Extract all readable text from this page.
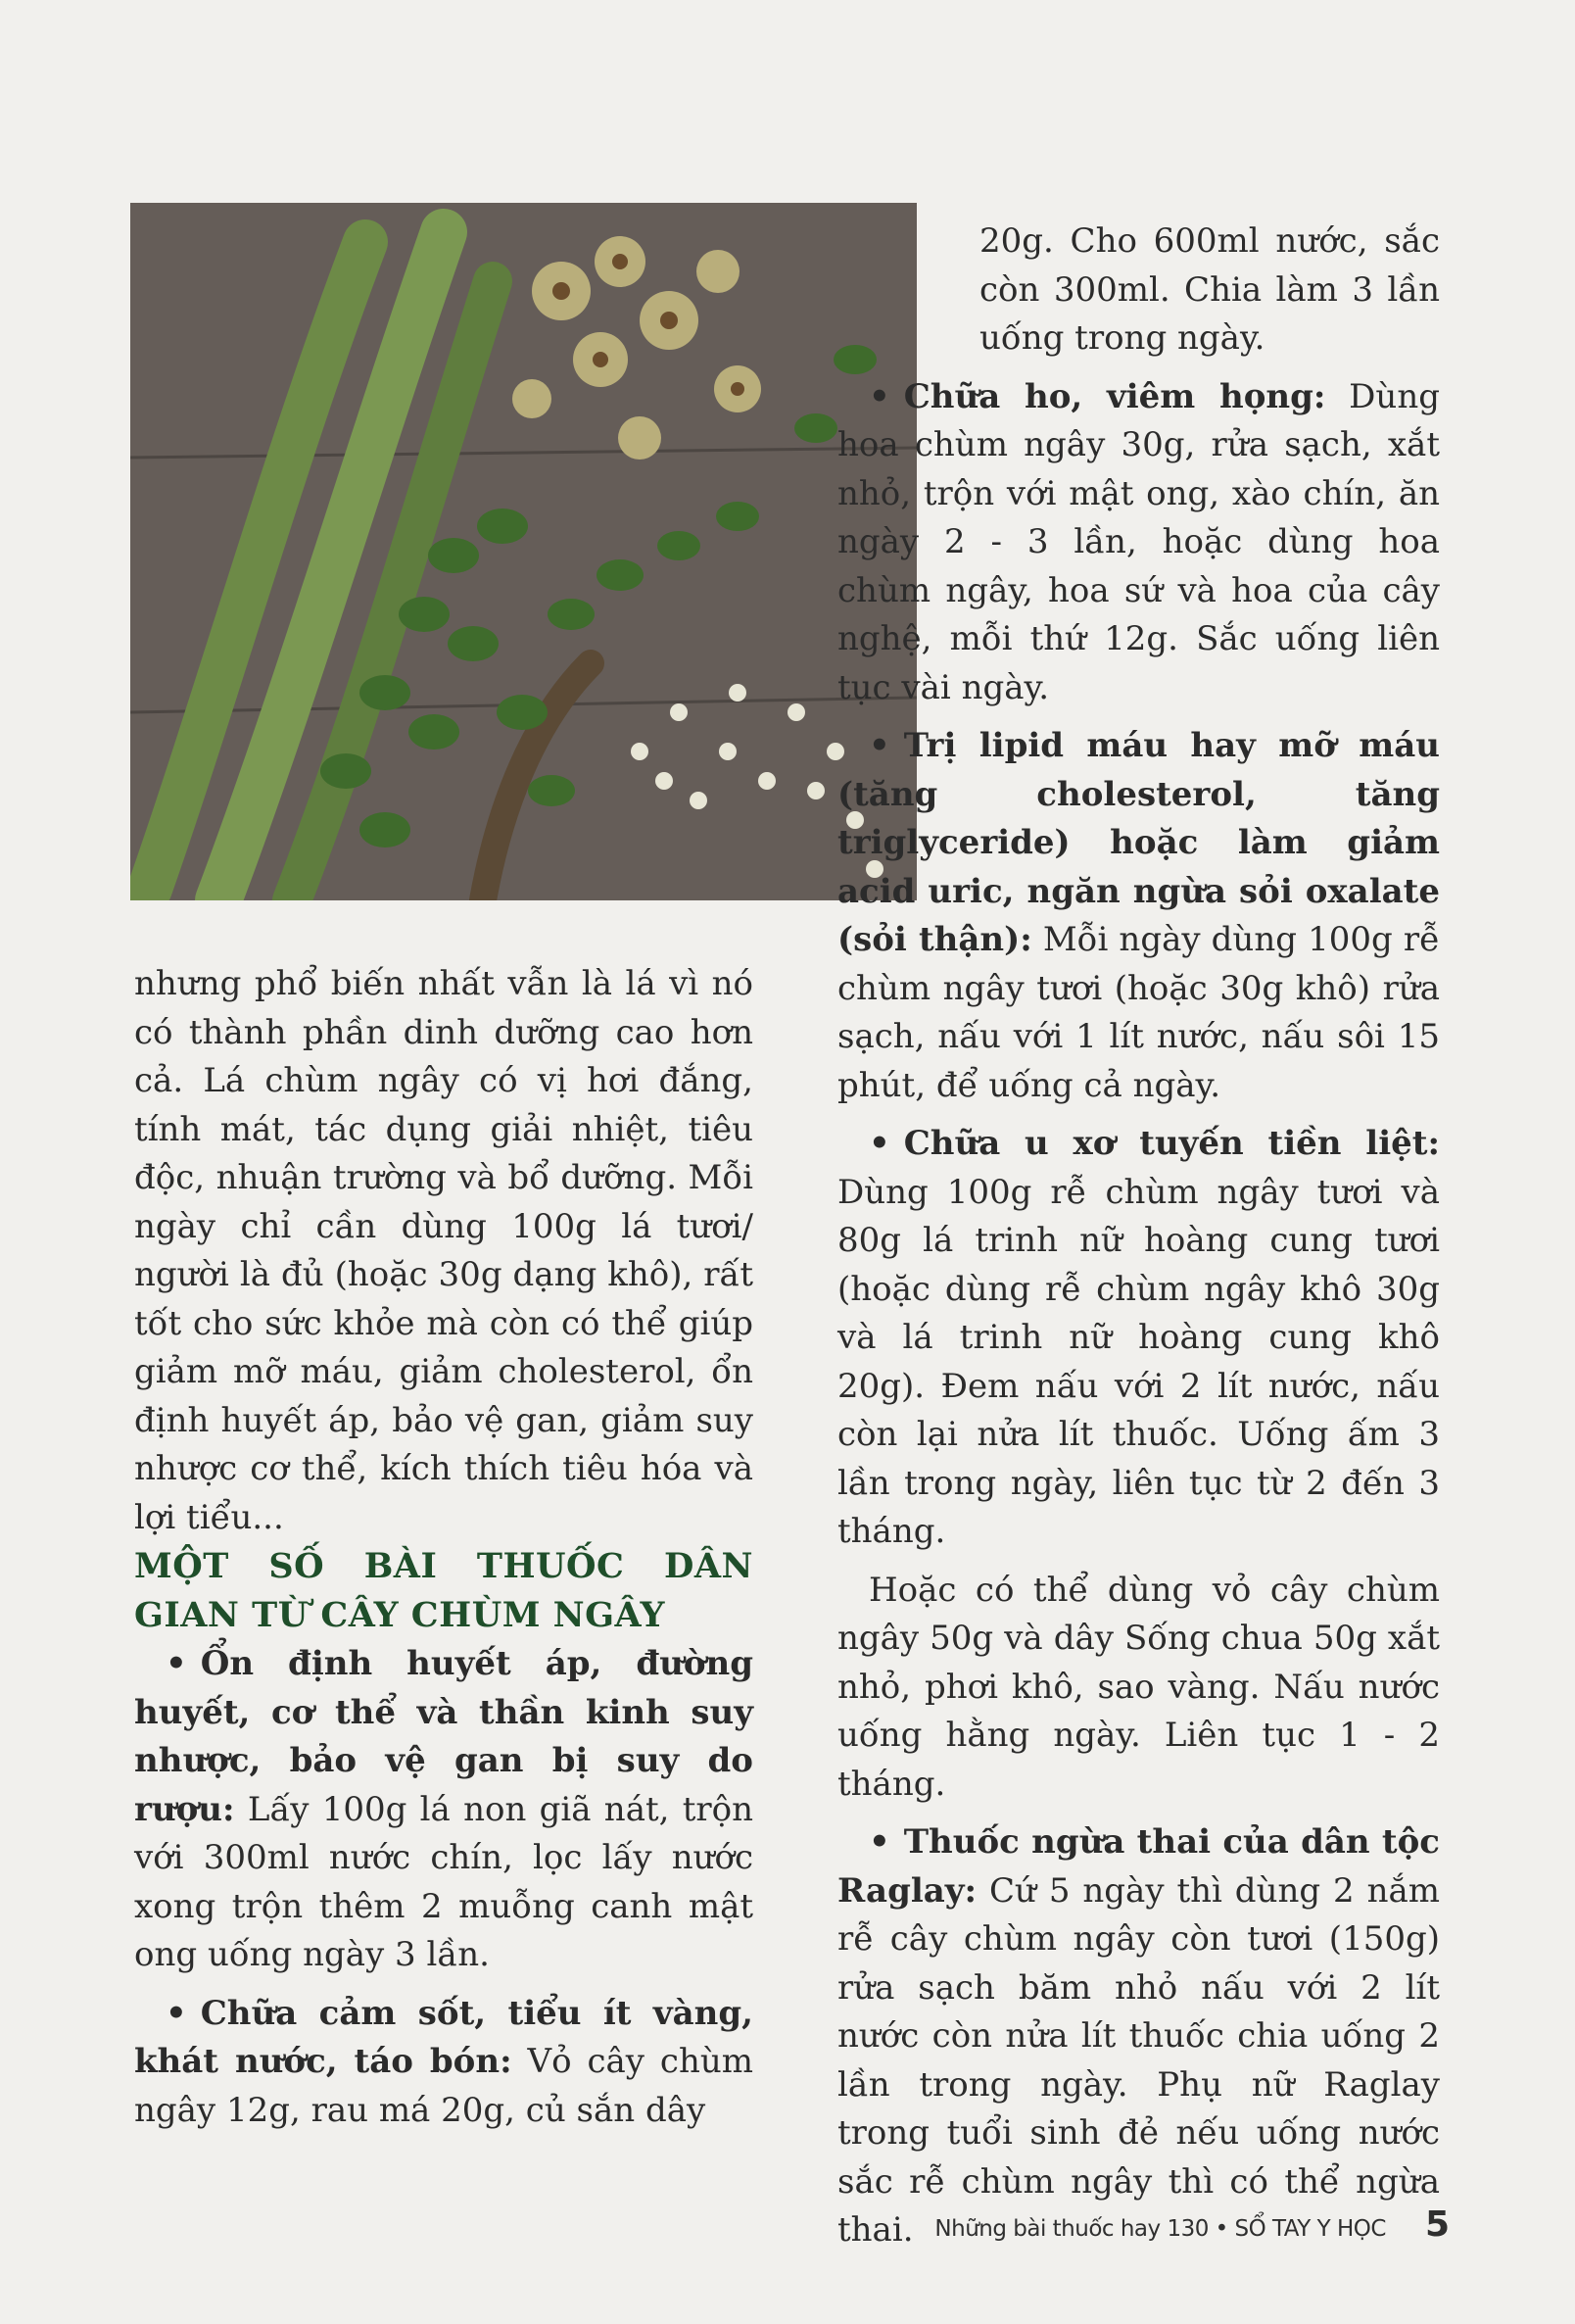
nhưng phổ biến nhất vẫn là lá vì nó có thành phần dinh dưỡng cao hơn cả. Lá chùm ngây có vị hơi đắng, tính mát, tác dụng giải nhiệt, tiêu độc, nhuận trường và bổ dưỡng. Mỗi ngày chỉ cần dùng 100g lá tươi/ người là đủ (hoặc 30g dạng khô), rất tốt cho sức khỏe mà còn có thể giúp giảm mỡ máu, giảm cholesterol, ổn định huyết áp, bảo vệ gan, giảm suy nhược cơ thể, kích thích tiêu hóa và lợi tiểu...

MỘT SỐ BÀI THUỐC DÂN GIAN TỪ CÂY CHÙM NGÂY

• Ổn định huyết áp, đường huyết, cơ thể và thần kinh suy nhược, bảo vệ gan bị suy do rượu: Lấy 100g lá non giã nát, trộn với 300ml nước chín, lọc lấy nước xong trộn thêm 2 muỗng canh mật ong uống ngày 3 lần.

• Chữa cảm sốt, tiểu ít vàng, khát nước, táo bón: Vỏ cây chùm ngây 12g, rau má 20g, củ sắn dây

20g. Cho 600ml nước, sắc còn 300ml. Chia làm 3 lần uống trong ngày.

• Chữa ho, viêm họng: Dùng hoa chùm ngây 30g, rửa sạch, xắt nhỏ, trộn với mật ong, xào chín, ăn ngày 2 - 3 lần, hoặc dùng hoa chùm ngây, hoa sứ và hoa của cây nghệ, mỗi thứ 12g. Sắc uống liên tục vài ngày.

• Trị lipid máu hay mỡ máu (tăng cholesterol, tăng triglyceride) hoặc làm giảm acid uric, ngăn ngừa sỏi oxalate (sỏi thận): Mỗi ngày dùng 100g rễ chùm ngây tươi (hoặc 30g khô) rửa sạch, nấu với 1 lít nước, nấu sôi 15 phút, để uống cả ngày.

• Chữa u xơ tuyến tiền liệt: Dùng 100g rễ chùm ngây tươi và 80g lá trinh nữ hoàng cung tươi (hoặc dùng rễ chùm ngây khô 30g và lá trinh nữ hoàng cung khô 20g). Đem nấu với 2 lít nước, nấu còn lại nửa lít thuốc. Uống ấm 3 lần trong ngày, liên tục từ 2 đến 3 tháng.

Hoặc có thể dùng vỏ cây chùm ngây 50g và dây Sống chua 50g xắt nhỏ, phơi khô, sao vàng. Nấu nước uống hằng ngày. Liên tục 1 - 2 tháng.

• Thuốc ngừa thai của dân tộc Raglay: Cứ 5 ngày thì dùng 2 nắm rễ cây chùm ngây còn tươi (150g) rửa sạch băm nhỏ nấu với 2 lít nước còn nửa lít thuốc chia uống 2 lần trong ngày. Phụ nữ Raglay trong tuổi sinh đẻ nếu uống nước sắc rễ chùm ngây thì có thể ngừa thai. Những bài thuốc hay 130 • SỔ TAY Y HỌC 5
